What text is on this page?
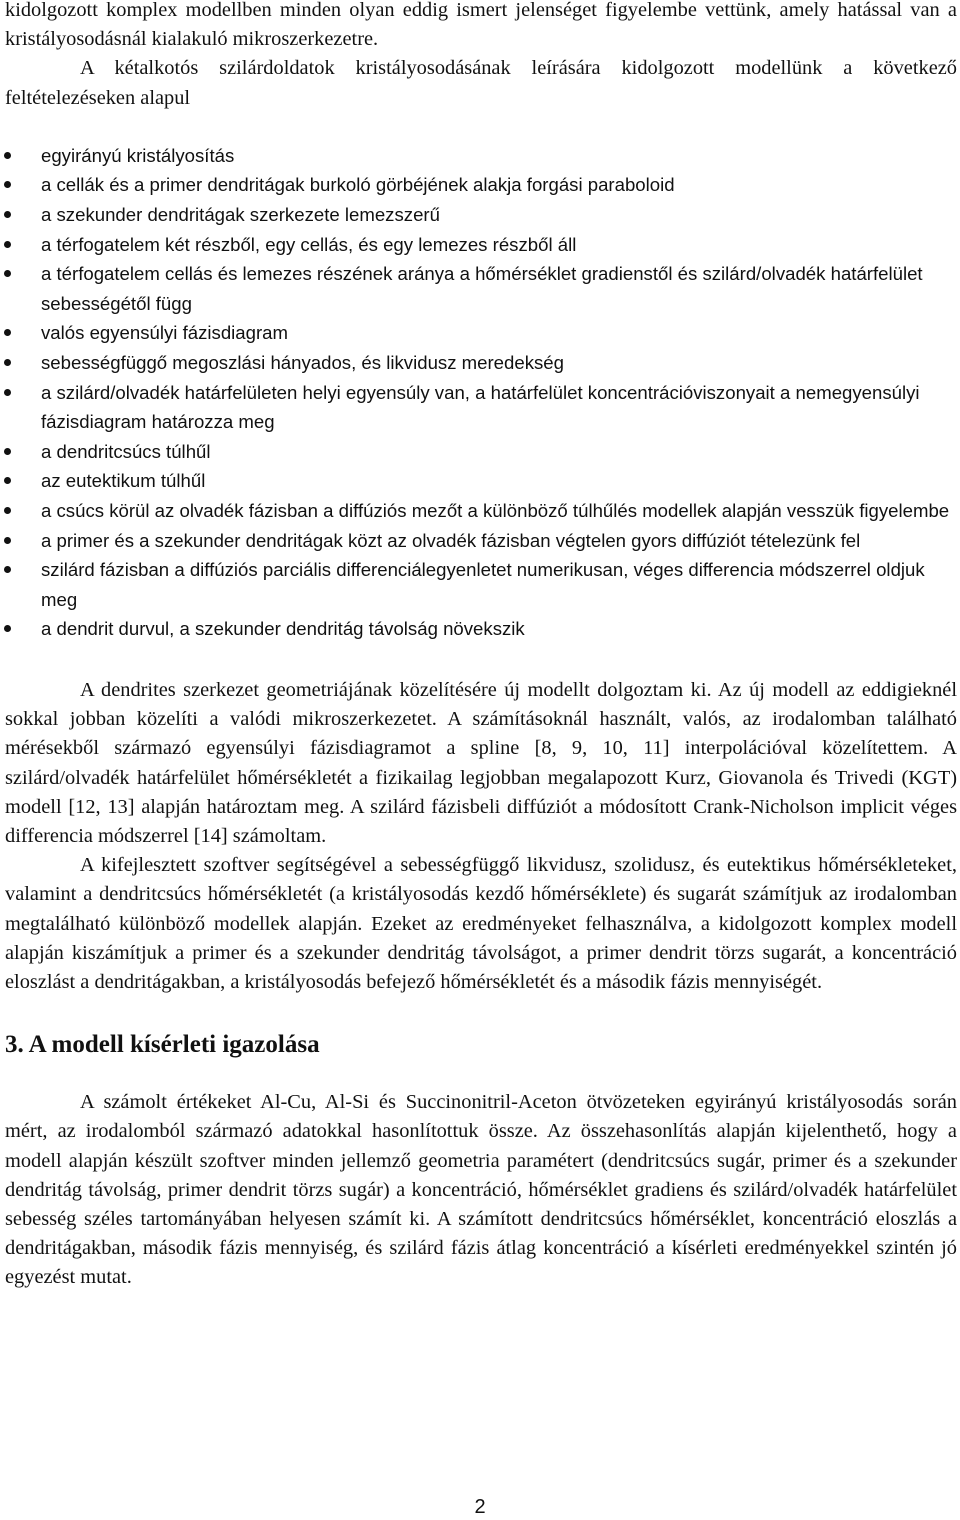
kidolgozott komplex modellben minden olyan eddig ismert jelenséget figyelembe vettünk, amely hatással van a kristályosodásnál kialakuló mikroszerkezetre.

A kétalkotós szilárdoldatok kristályosodásának leírására kidolgozott modellünk a következő feltételezéseken alapul

egyirányú kristályosítás
a cellák és a primer dendritágak burkoló görbéjének alakja forgási paraboloid
a szekunder dendritágak szerkezete lemezszerű
a térfogatelem két részből, egy cellás, és egy lemezes részből áll
a térfogatelem cellás és lemezes részének aránya a hőmérséklet gradienstől és szilárd/olvadék határfelület sebességétől függ
valós egyensúlyi fázisdiagram
sebességfüggő megoszlási hányados, és likvidusz meredekség
a szilárd/olvadék határfelületen helyi egyensúly van, a határfelület koncentrációviszonyait a nemegyensúlyi fázisdiagram határozza meg
a dendritcsúcs túlhűl
az eutektikum túlhűl
a csúcs körül az olvadék fázisban a diffúziós mezőt a különböző túlhűlés modellek alapján vesszük figyelembe
a primer és a szekunder dendritágak közt az olvadék fázisban végtelen gyors diffúziót tételezünk fel
szilárd fázisban a diffúziós parciális differenciálegyenletet numerikusan, véges differencia módszerrel oldjuk meg
a dendrit durvul, a szekunder dendritág távolság növekszik

A dendrites szerkezet geometriájának közelítésére új modellt dolgoztam ki. Az új modell az eddigieknél sokkal jobban közelíti a valódi mikroszerkezetet. A számításoknál használt, valós, az irodalomban található mérésekből származó egyensúlyi fázisdiagramot a spline [8, 9, 10, 11] interpolációval közelítettem. A szilárd/olvadék határfelület hőmérsékletét a fizikailag legjobban megalapozott Kurz, Giovanola és Trivedi (KGT) modell [12, 13] alapján határoztam meg. A szilárd fázisbeli diffúziót a módosított Crank-Nicholson implicit véges differencia módszerrel [14] számoltam.

A kifejlesztett szoftver segítségével a sebességfüggő likvidusz, szolidusz, és eutektikus hőmérsékleteket, valamint a dendritcsúcs hőmérsékletét (a kristályosodás kezdő hőmérséklete) és sugarát számítjuk az irodalomban megtalálható különböző modellek alapján. Ezeket az eredményeket felhasználva, a kidolgozott komplex modell alapján kiszámítjuk a primer és a szekunder dendritág távolságot, a primer dendrit törzs sugarát, a koncentráció eloszlást a dendritágakban, a kristályosodás befejező hőmérsékletét és a második fázis mennyiségét.

3. A modell kísérleti igazolása

A számolt értékeket Al-Cu, Al-Si és Succinonitril-Aceton ötvözeteken egyirányú kristályosodás során mért, az irodalomból származó adatokkal hasonlítottuk össze. Az összehasonlítás alapján kijelenthető, hogy a modell alapján készült szoftver minden jellemző geometria paramétert (dendritcsúcs sugár, primer és a szekunder dendritág távolság, primer dendrit törzs sugár) a koncentráció, hőmérséklet gradiens és szilárd/olvadék határfelület sebesség széles tartományában helyesen számít ki. A számított dendritcsúcs hőmérséklet, koncentráció eloszlás a dendritágakban, második fázis mennyiség, és szilárd fázis átlag koncentráció a kísérleti eredményekkel szintén jó egyezést mutat.

2
